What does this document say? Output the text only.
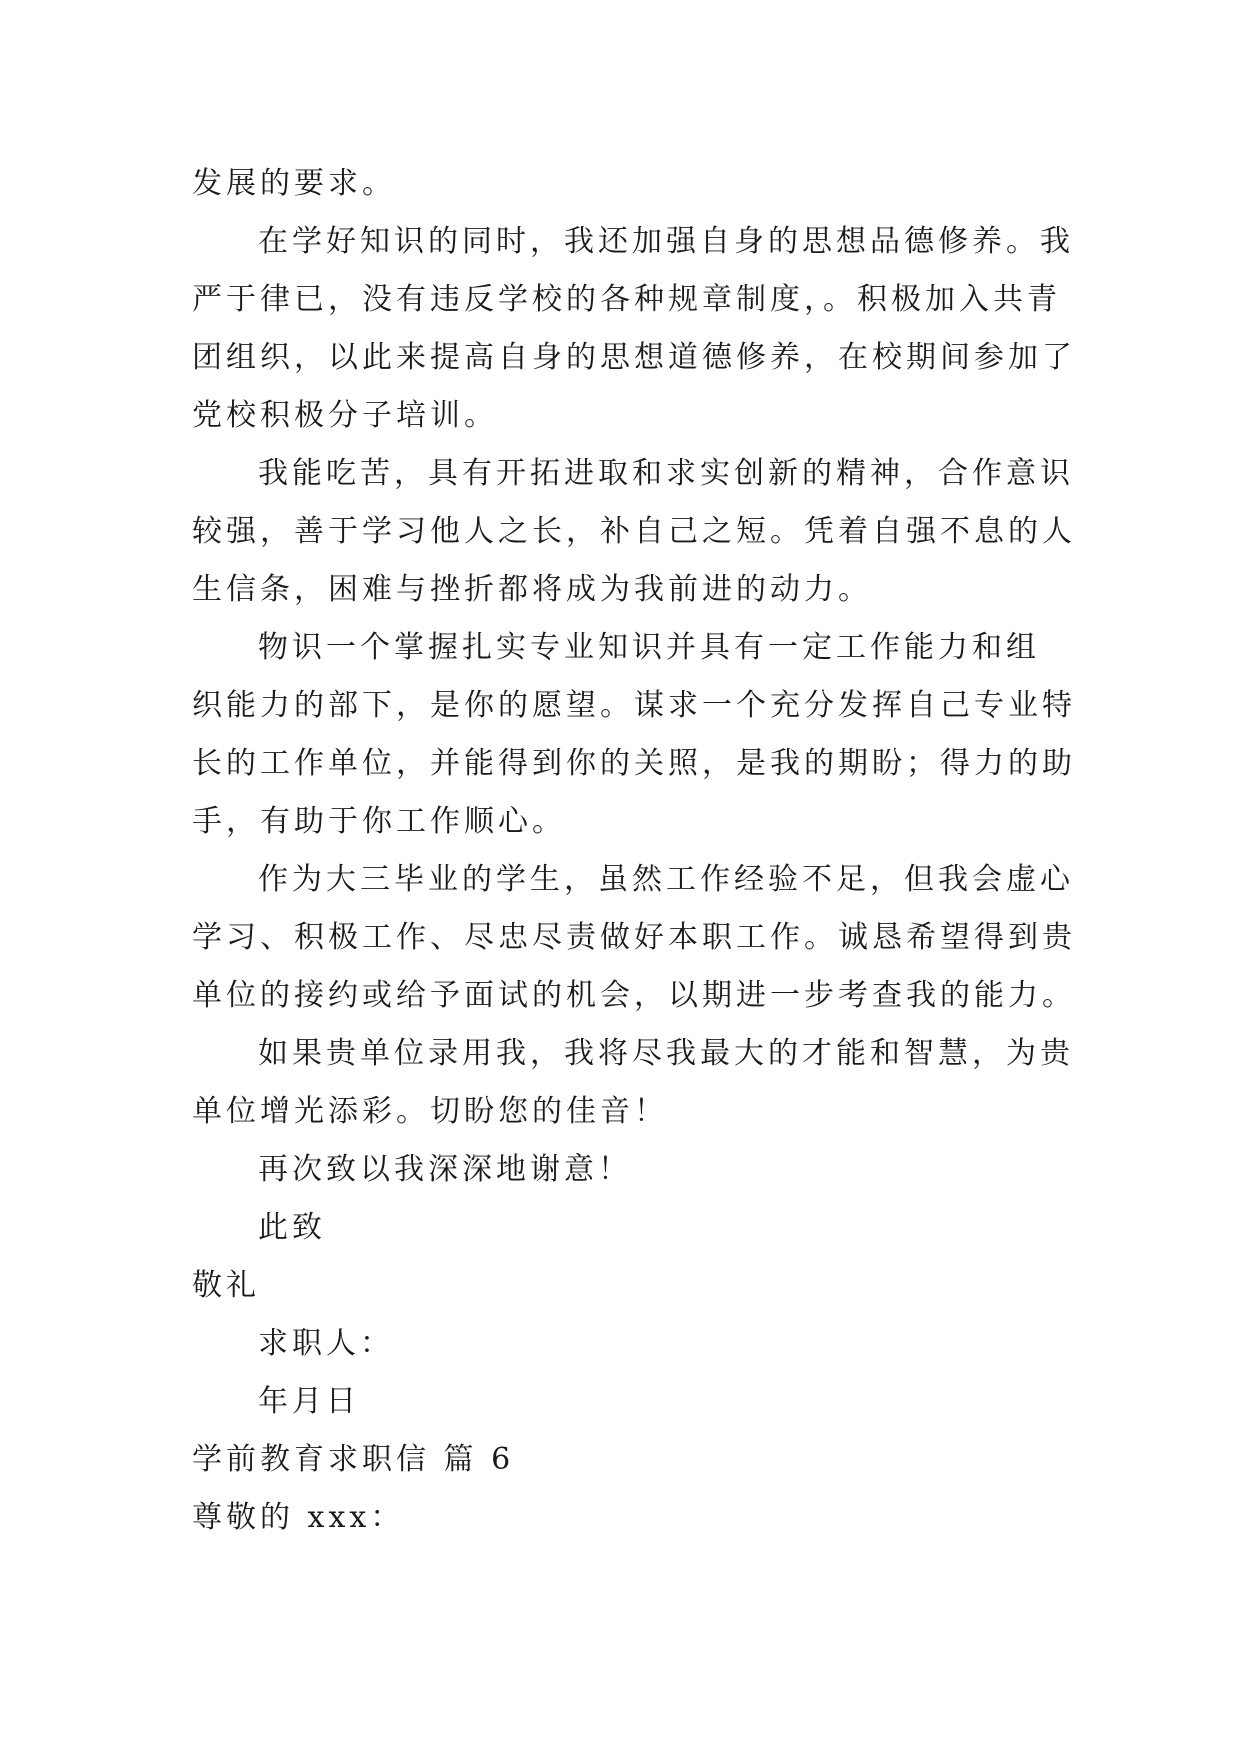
发展的要求。
在学好知识的同时，我还加强自身的思想品德修养。我
严于律已，没有违反学校的各种规章制度，。积极加入共青
团组织，以此来提高自身的思想道德修养，在校期间参加了
党校积极分子培训。
我能吃苦，具有开拓进取和求实创新的精神，合作意识
较强，善于学习他人之长，补自己之短。凭着自强不息的人
生信条，困难与挫折都将成为我前进的动力。
物识一个掌握扎实专业知识并具有一定工作能力和组
织能力的部下，是你的愿望。谋求一个充分发挥自己专业特
长的工作单位，并能得到你的关照，是我的期盼；得力的助
手，有助于你工作顺心。
作为大三毕业的学生，虽然工作经验不足，但我会虚心
学习、积极工作、尽忠尽责做好本职工作。诚恳希望得到贵
单位的接约或给予面试的机会，以期进一步考查我的能力。
如果贵单位录用我，我将尽我最大的才能和智慧，为贵
单位增光添彩。切盼您的佳音！
再次致以我深深地谢意！
此致
敬礼
求职人：
年月日
学前教育求职信 篇 6
尊敬的 xxx：
